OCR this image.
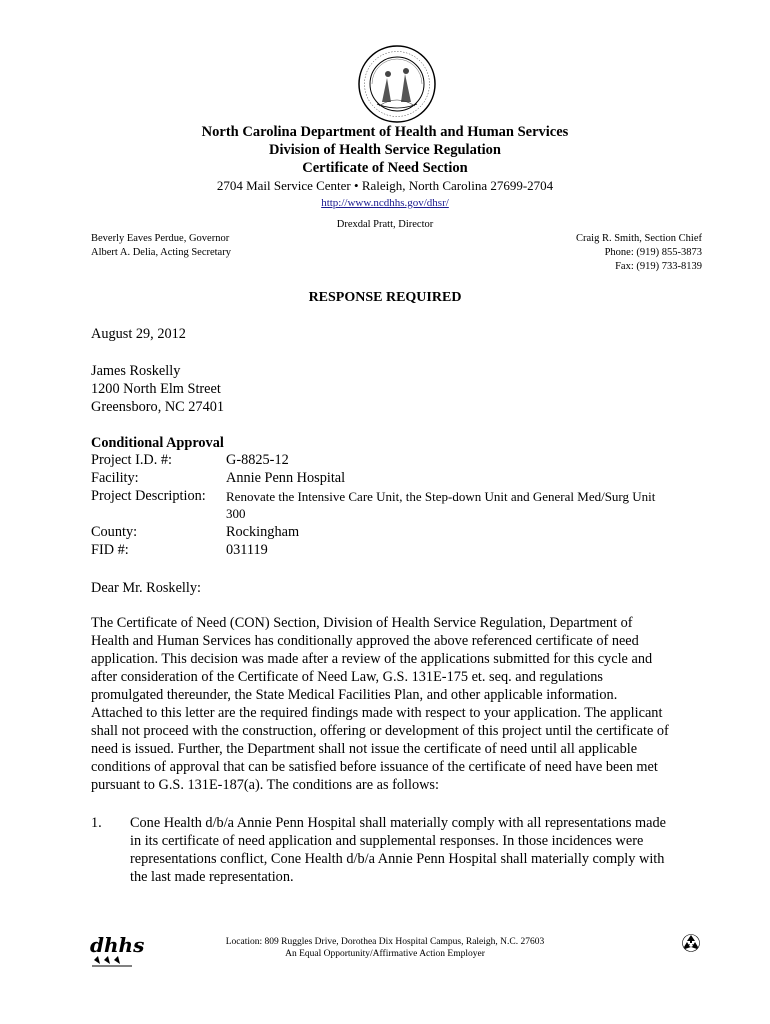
North Carolina Department of Health and Human Services
Division of Health Service Regulation
Certificate of Need Section
2704 Mail Service Center • Raleigh, North Carolina 27699-2704
http://www.ncdhhs.gov/dhsr/
Drexdal Pratt, Director
Beverly Eaves Perdue, Governor
Albert A. Delia, Acting Secretary
Craig R. Smith, Section Chief
Phone: (919) 855-3873
Fax: (919) 733-8139
RESPONSE REQUIRED
August 29, 2012
James Roskelly
1200 North Elm Street
Greensboro, NC 27401
Conditional Approval
Project I.D. #:	G-8825-12
Facility:	Annie Penn Hospital
Project Description:	Renovate the Intensive Care Unit, the Step-down Unit and General Med/Surg Unit
300
County:	Rockingham
FID #:	031119
Dear Mr. Roskelly:
The Certificate of Need (CON) Section, Division of Health Service Regulation, Department of
Health and Human Services has conditionally approved the above referenced certificate of need
application. This decision was made after a review of the applications submitted for this cycle and
after consideration of the Certificate of Need Law, G.S. 131E-175 et. seq. and regulations
promulgated thereunder, the State Medical Facilities Plan, and other applicable information.
Attached to this letter are the required findings made with respect to your application. The applicant
shall not proceed with the construction, offering or development of this project until the certificate of
need is issued. Further, the Department shall not issue the certificate of need until all applicable
conditions of approval that can be satisfied before issuance of the certificate of need have been met
pursuant to G.S. 131E-187(a). The conditions are as follows:
1. Cone Health d/b/a Annie Penn Hospital shall materially comply with all representations made
in its certificate of need application and supplemental responses. In those incidences were
representations conflict, Cone Health d/b/a Annie Penn Hospital shall materially comply with
the last made representation.
dhhs	Location: 809 Ruggles Drive, Dorothea Dix Hospital Campus, Raleigh, N.C. 27603
An Equal Opportunity/Affirmative Action Employer
